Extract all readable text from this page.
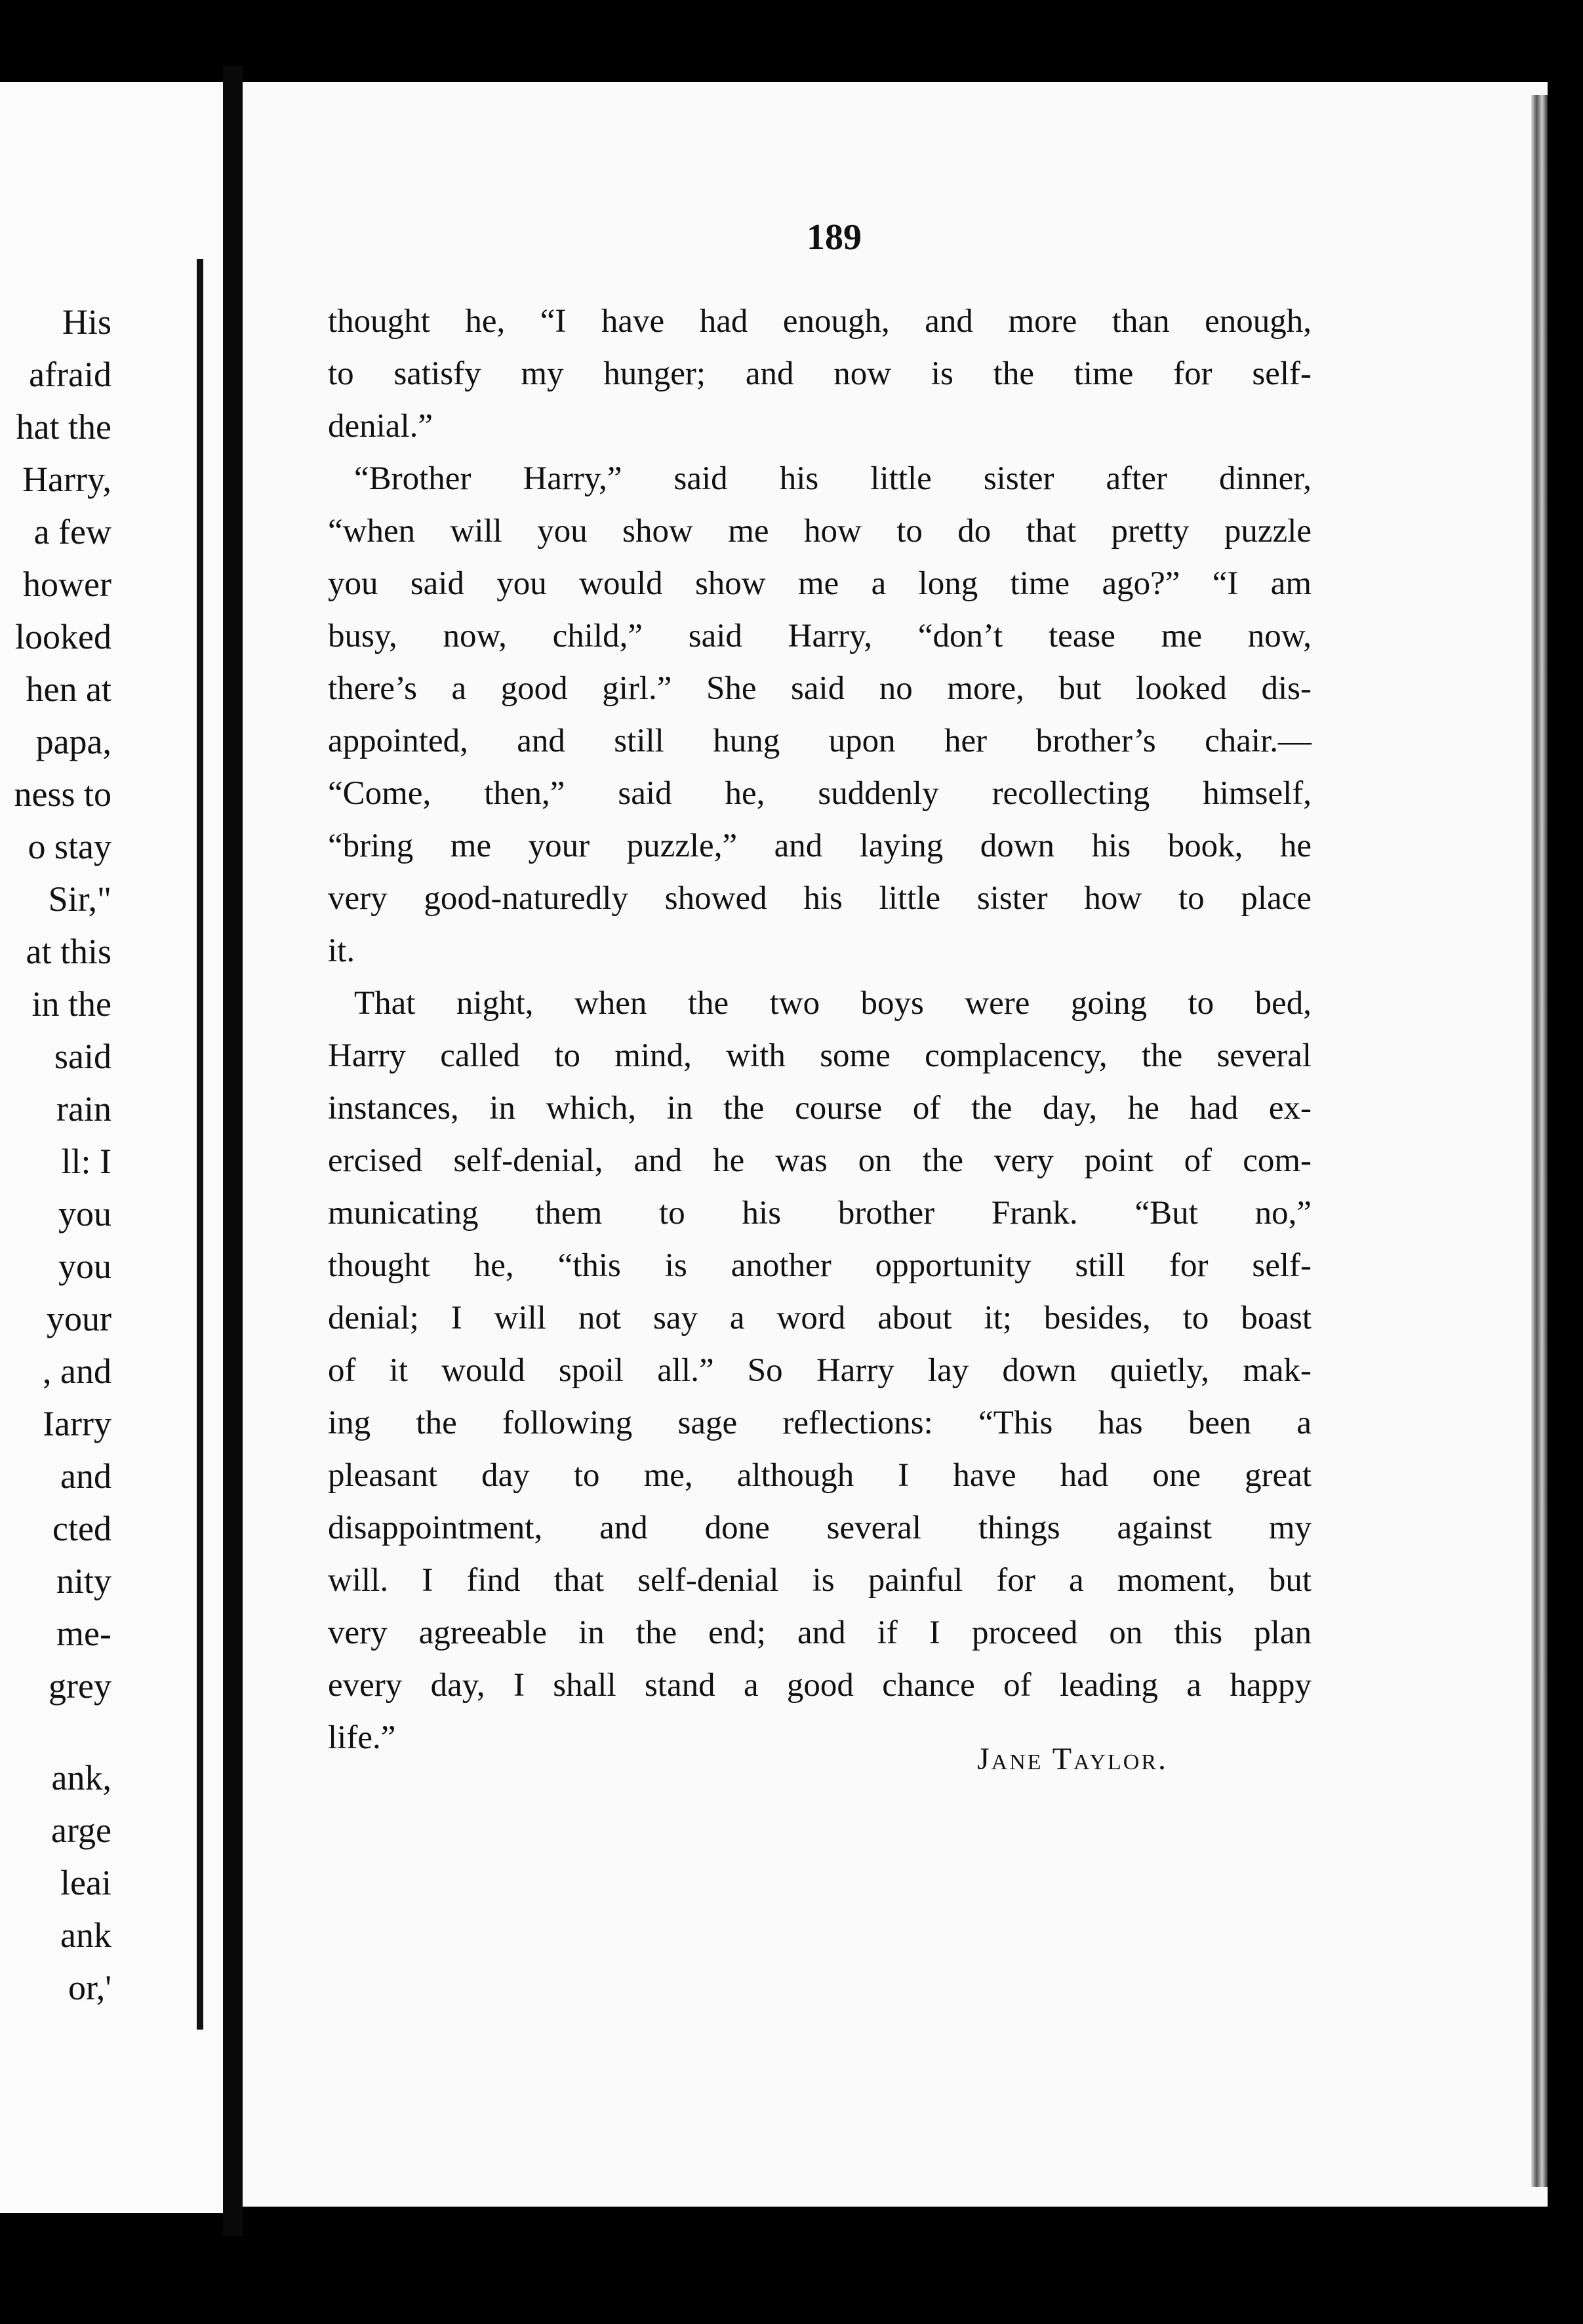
His
afraid
hat the
Harry,
a few
hower
looked
hen at
papa,
ness to
o stay
Sir,"
at this
in the
said
rain
ll: I
you
you
your
, and
Iarry
and
cted
nity
me-
grey
ank,
arge
leai
ank
or,'
189
thought he, “I have had enough, and more than enough,
to satisfy my hunger; and now is the time for self-
denial.”
“Brother Harry,” said his little sister after dinner,
“when will you show me how to do that pretty puzzle
you said you would show me a long time ago?” “I am
busy, now, child,” said Harry, “don’t tease me now,
there’s a good girl.” She said no more, but looked dis-
appointed, and still hung upon her brother’s chair.—
“Come, then,” said he, suddenly recollecting himself,
“bring me your puzzle,” and laying down his book, he
very good-naturedly showed his little sister how to place
it.
That night, when the two boys were going to bed,
Harry called to mind, with some complacency, the several
instances, in which, in the course of the day, he had ex-
ercised self-denial, and he was on the very point of com-
municating them to his brother Frank. “But no,”
thought he, “this is another opportunity still for self-
denial; I will not say a word about it; besides, to boast
of it would spoil all.” So Harry lay down quietly, mak-
ing the following sage reflections: “This has been a
pleasant day to me, although I have had one great
disappointment, and done several things against my
will. I find that self-denial is painful for a moment, but
very agreeable in the end; and if I proceed on this plan
every day, I shall stand a good chance of leading a happy
life.”
Jane Taylor.
